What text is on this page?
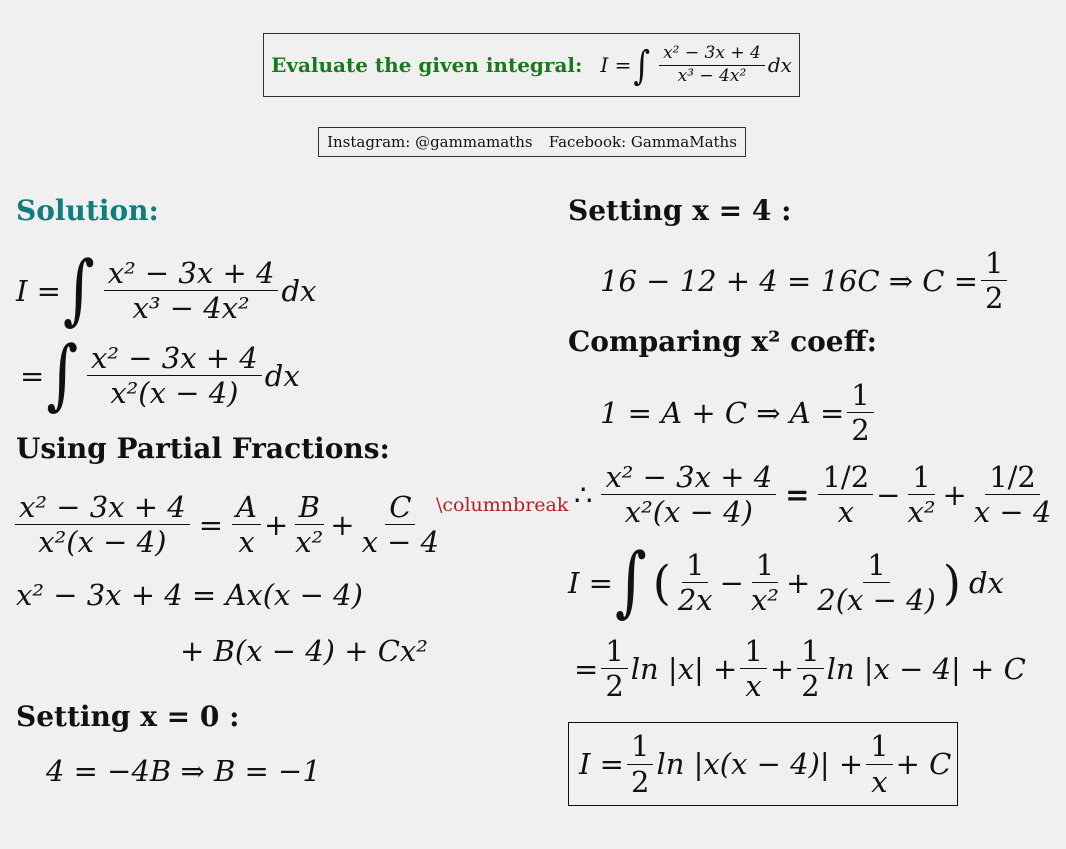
Evaluate the given integral: I = ∫ $\frac{\text{x² − 3x + 4}}{\text{x³ − 4x²}}$ dx
Instagram: @gammamaths Facebook: GammaMaths
Solution:
I = ∫ $\frac{\text{x² − 3x + 4}}{\text{x³ − 4x²}}$ dx
= ∫ $\frac{\text{x² − 3x + 4}}{\text{x²(x − 4)}}$ dx
Using Partial Fractions:
$\frac{\text{x² − 3x + 4}}{\text{x²(x − 4)}} = \frac{A}{x} + \frac{B}{\text{x²}} + \frac{C}{x - 4}$
x² − 3x + 4 = Ax(x − 4)
+ B(x − 4) + Cx²
Setting x = 0 :
4 = −4B ⇒ B = −1
\columnbreak
Setting x = 4 :
16 − 12 + 4 = 16C ⇒ $C = \frac{1}{2}$
Comparing x² coeff:
1 = A + C ⇒ $A = \frac{1}{2}$
∴ $\frac{\text{x² − 3x + 4}}{\text{x²(x − 4)}} = \frac{1/2}{x} - \frac{1}{\text{x²}} + \frac{1/2}{x - 4}$
I = ∫ ( $\frac{1}{2x} - \frac{1}{\text{x²}} + \frac{1}{2(x - 4)}$ ) dx
= $\frac{1}{2}$ $\ln |x| + \frac{1}{x} + \frac{1}{2}$ ln |x − 4| + C
$I = \frac{1}{2}$ $\ln |x(x - 4)| + \frac{1}{x} + C$
